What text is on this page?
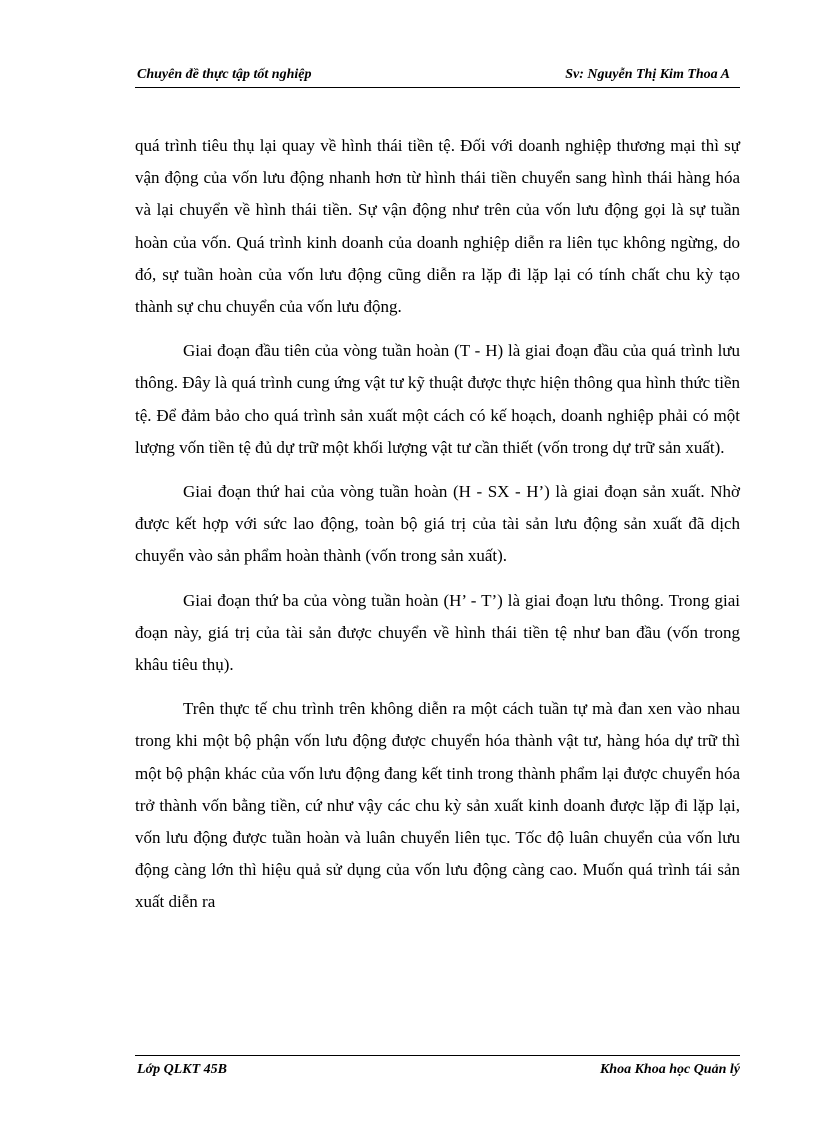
Chuyên đề thực tập tốt nghiệp	Sv: Nguyễn Thị Kim Thoa A

quá trình tiêu thụ lại quay về hình thái tiền tệ. Đối với doanh nghiệp thương mại thì sự vận động của vốn lưu động nhanh hơn từ hình thái tiền chuyển sang hình thái hàng hóa và lại chuyển về hình thái tiền. Sự vận động như trên của vốn lưu động gọi là sự tuần hoàn của vốn. Quá trình kinh doanh của doanh nghiệp diễn ra liên tục không ngừng, do đó, sự tuần hoàn của vốn lưu động cũng diễn ra lặp đi lặp lại có tính chất chu kỳ tạo thành sự chu chuyển của vốn lưu động.

Giai đoạn đầu tiên của vòng tuần hoàn (T - H) là giai đoạn đầu của quá trình lưu thông. Đây là quá trình cung ứng vật tư kỹ thuật được thực hiện thông qua hình thức tiền tệ. Để đảm bảo cho quá trình sản xuất một cách có kế hoạch, doanh nghiệp phải có một lượng vốn tiền tệ đủ dự trữ một khối lượng vật tư cần thiết (vốn trong dự trữ sản xuất).

Giai đoạn thứ hai của vòng tuần hoàn (H - SX - H’) là giai đoạn sản xuất. Nhờ được kết hợp với sức lao động, toàn bộ giá trị của tài sản lưu động sản xuất đã dịch chuyển vào sản phẩm hoàn thành (vốn trong sản xuất).

Giai đoạn thứ ba của vòng tuần hoàn (H’ - T’) là giai đoạn lưu thông. Trong giai đoạn này, giá trị của tài sản được chuyển về hình thái tiền tệ như ban đầu (vốn trong khâu tiêu thụ).

Trên thực tế chu trình trên không diễn ra một cách tuần tự mà đan xen vào nhau trong khi một bộ phận vốn lưu động được chuyển hóa thành vật tư, hàng hóa dự trữ thì một bộ phận khác của vốn lưu động đang kết tinh trong thành phẩm lại được chuyển hóa trở thành vốn bằng tiền, cứ như vậy các chu kỳ sản xuất kinh doanh được lặp đi lặp lại, vốn lưu động được tuần hoàn và luân chuyển liên tục. Tốc độ luân chuyển của vốn lưu động càng lớn thì hiệu quả sử dụng của vốn lưu động càng cao. Muốn quá trình tái sản xuất diễn ra

Lớp QLKT 45B	Khoa Khoa học Quản lý
